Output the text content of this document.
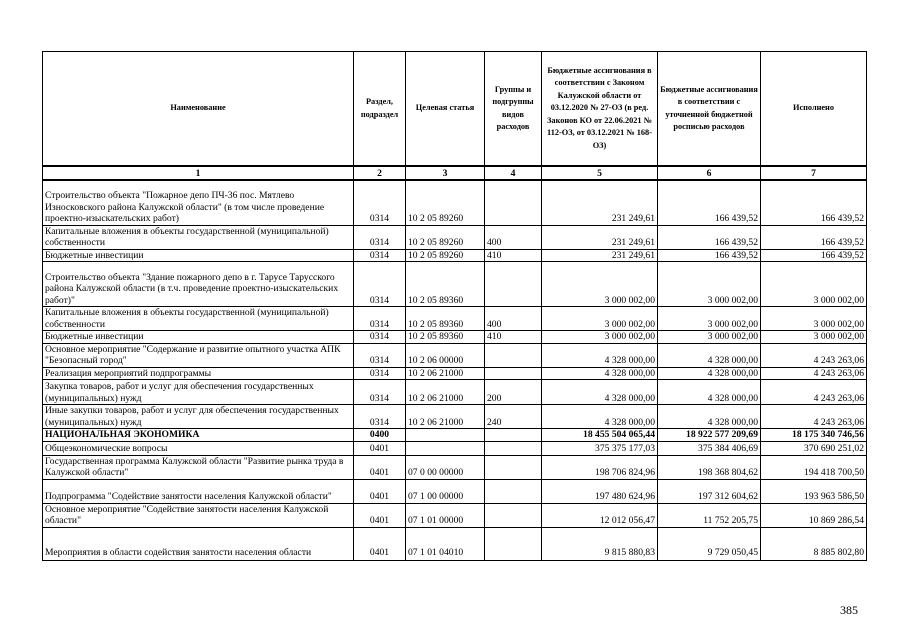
Наименование	Раздел, подраздел	Целевая статья	Группы и подгруппы видов расходов	Бюджетные ассигнования в соответствии с Законом Калужской области от 03.12.2020 № 27-ОЗ (в ред. Законов КО от 22.06.2021 № 112-ОЗ, от 03.12.2021 № 168-ОЗ)	Бюджетные ассигнования в соответствии с уточненной бюджетной росписью расходов	Исполнено
1	2	3	4	5	6	7
Строительство объекта "Пожарное депо ПЧ-36 пос. Мятлево Износковского района Калужской области" (в том числе проведение проектно-изыскательских работ)	0314	10 2 05 89260		231 249,61	166 439,52	166 439,52
Капитальные вложения в объекты государственной (муниципальной) собственности	0314	10 2 05 89260	400	231 249,61	166 439,52	166 439,52
Бюджетные инвестиции	0314	10 2 05 89260	410	231 249,61	166 439,52	166 439,52
Строительство объекта "Здание пожарного депо в г. Тарусе Тарусского района Калужской области (в т.ч. проведение проектно-изыскательских работ)"	0314	10 2 05 89360		3 000 002,00	3 000 002,00	3 000 002,00
Капитальные вложения в объекты государственной (муниципальной) собственности	0314	10 2 05 89360	400	3 000 002,00	3 000 002,00	3 000 002,00
Бюджетные инвестиции	0314	10 2 05 89360	410	3 000 002,00	3 000 002,00	3 000 002,00
Основное мероприятие "Содержание и развитие опытного участка АПК "Безопасный город"	0314	10 2 06 00000		4 328 000,00	4 328 000,00	4 243 263,06
Реализация мероприятий подпрограммы	0314	10 2 06 21000		4 328 000,00	4 328 000,00	4 243 263,06
Закупка товаров, работ и услуг для обеспечения государственных (муниципальных) нужд	0314	10 2 06 21000	200	4 328 000,00	4 328 000,00	4 243 263,06
Иные закупки товаров, работ и услуг для обеспечения государственных (муниципальных) нужд	0314	10 2 06 21000	240	4 328 000,00	4 328 000,00	4 243 263,06
НАЦИОНАЛЬНАЯ ЭКОНОМИКА	0400			18 455 504 065,44	18 922 577 209,69	18 175 340 746,56
Общеэкономические вопросы	0401			375 375 177,03	375 384 406,69	370 690 251,02
Государственная программа Калужской области "Развитие рынка труда в Калужской области"	0401	07 0 00 00000		198 706 824,96	198 368 804,62	194 418 700,50
Подпрограмма "Содействие занятости населения Калужской области"	0401	07 1 00 00000		197 480 624,96	197 312 604,62	193 963 586,50
Основное мероприятие "Содействие занятости населения Калужской области"	0401	07 1 01 00000		12 012 056,47	11 752 205,75	10 869 286,54
Мероприятия в области содействия занятости населения области	0401	07 1 01 04010		9 815 880,83	9 729 050,45	8 885 802,80
385
